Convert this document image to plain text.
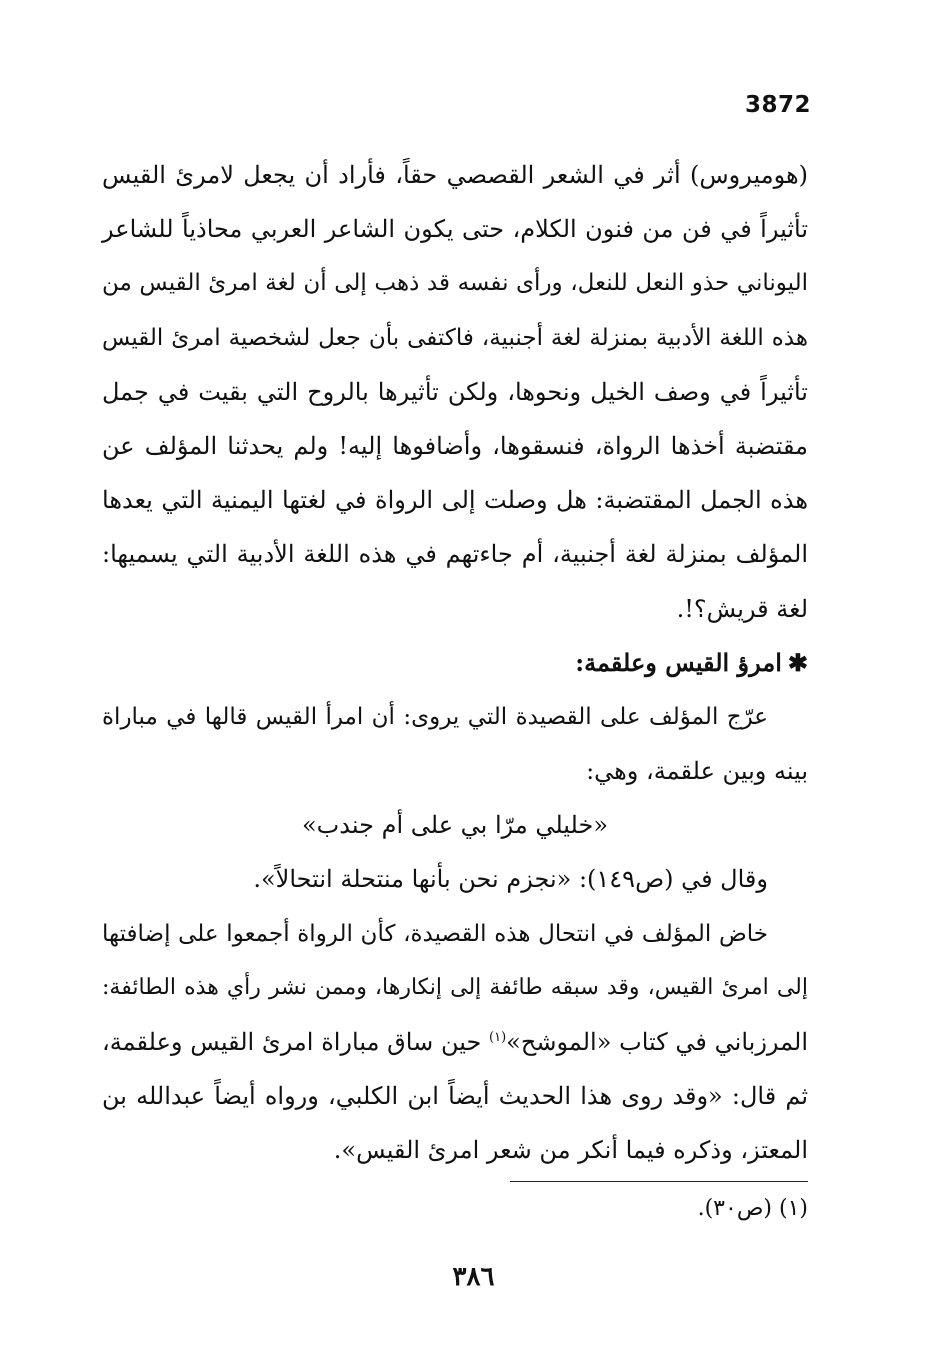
3872
(هوميروس) أثر في الشعر القصصي حقاً، فأراد أن يجعل لامرئ القيس
تأثيراً في فن من فنون الكلام، حتى يكون الشاعر العربي محاذياً للشاعر
اليوناني حذو النعل للنعل، ورأى نفسه قد ذهب إلى أن لغة امرئ القيس من
هذه اللغة الأدبية بمنزلة لغة أجنبية، فاكتفى بأن جعل لشخصية امرئ القيس
تأثيراً في وصف الخيل ونحوها، ولكن تأثيرها بالروح التي بقيت في جمل
مقتضبة أخذها الرواة، فنسقوها، وأضافوها إليه! ولم يحدثنا المؤلف عن
هذه الجمل المقتضبة: هل وصلت إلى الرواة في لغتها اليمنية التي يعدها
المؤلف بمنزلة لغة أجنبية، أم جاءتهم في هذه اللغة الأدبية التي يسميها:
لغة قريش؟!.
✱امرؤ القيس وعلقمة:
عرّج المؤلف على القصيدة التي يروى: أن امرأ القيس قالها في مباراة
بينه وبين علقمة، وهي:
«خليلي مرّا بي على أم جندب»
وقال في (ص١٤٩): «نجزم نحن بأنها منتحلة انتحالاً».
خاض المؤلف في انتحال هذه القصيدة، كأن الرواة أجمعوا على إضافتها
إلى امرئ القيس، وقد سبقه طائفة إلى إنكارها، وممن نشر رأي هذه الطائفة:
المرزباني في كتاب «الموشح»$^{(١)}$ حين ساق مباراة امرئ القيس وعلقمة،
ثم قال: «وقد روى هذا الحديث أيضاً ابن الكلبي، ورواه أيضاً عبدالله بن
المعتز، وذكره فيما أنكر من شعر امرئ القيس».
(١) (ص٣٠).
٣٨٦
